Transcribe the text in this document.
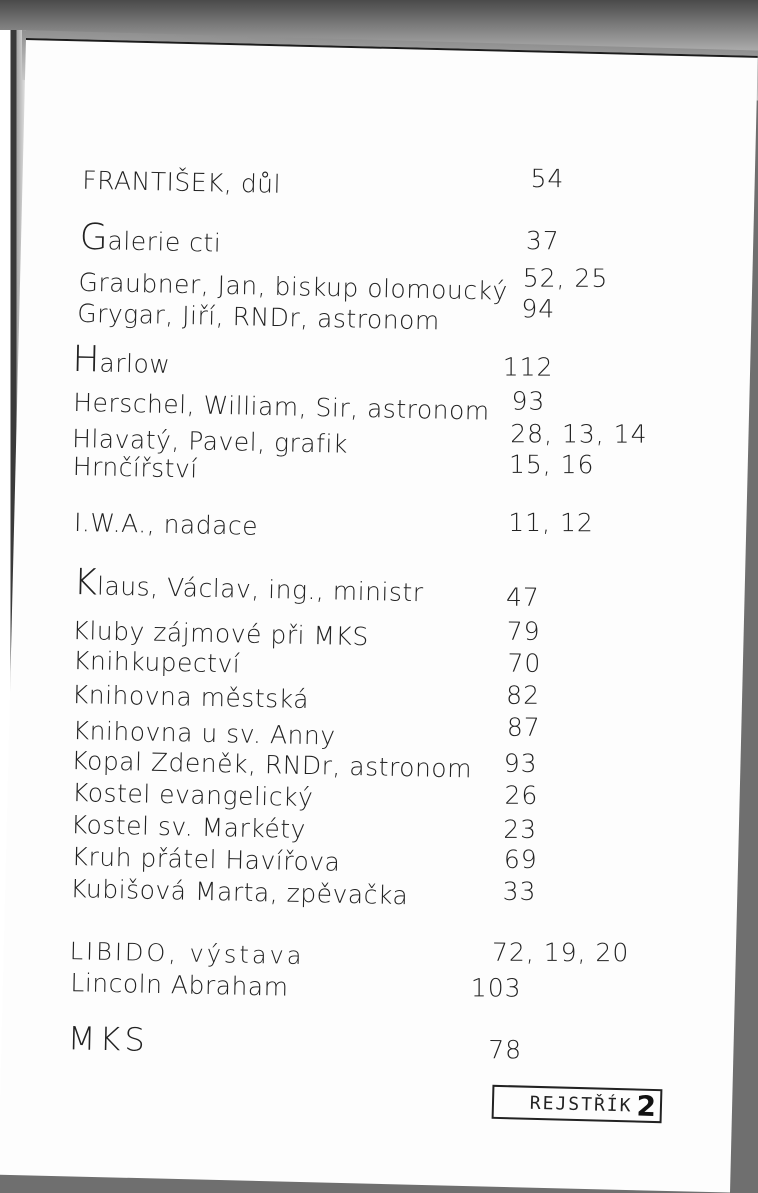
FRANTIŠEK, důl	54
Galerie cti	37
Graubner, Jan, biskup olomoucký 52, 25
Grygar, Jiří, RNDr, astronom	94
Harlow	112
Herschel, William, Sir, astronom 93
Hlavatý, Pavel, grafik	28, 13, 14
Hrnčířství	15, 16
I.W.A., nadace	11, 12
Klaus, Václav, ing., ministr	47
Kluby zájmové při MKS	79
Knihkupectví	70
Knihovna městská	82
Knihovna u sv. Anny	87
Kopal Zdeněk, RNDr, astronom 93
Kostel evangelický	26
Kostel sv. Markéty	23
Kruh přátel Havířova	69
Kubišová Marta, zpěvačka	33
LIBIDO, výstava	72, 19, 20
Lincoln Abraham	103
MKS	78
REJSTŘÍK 2
